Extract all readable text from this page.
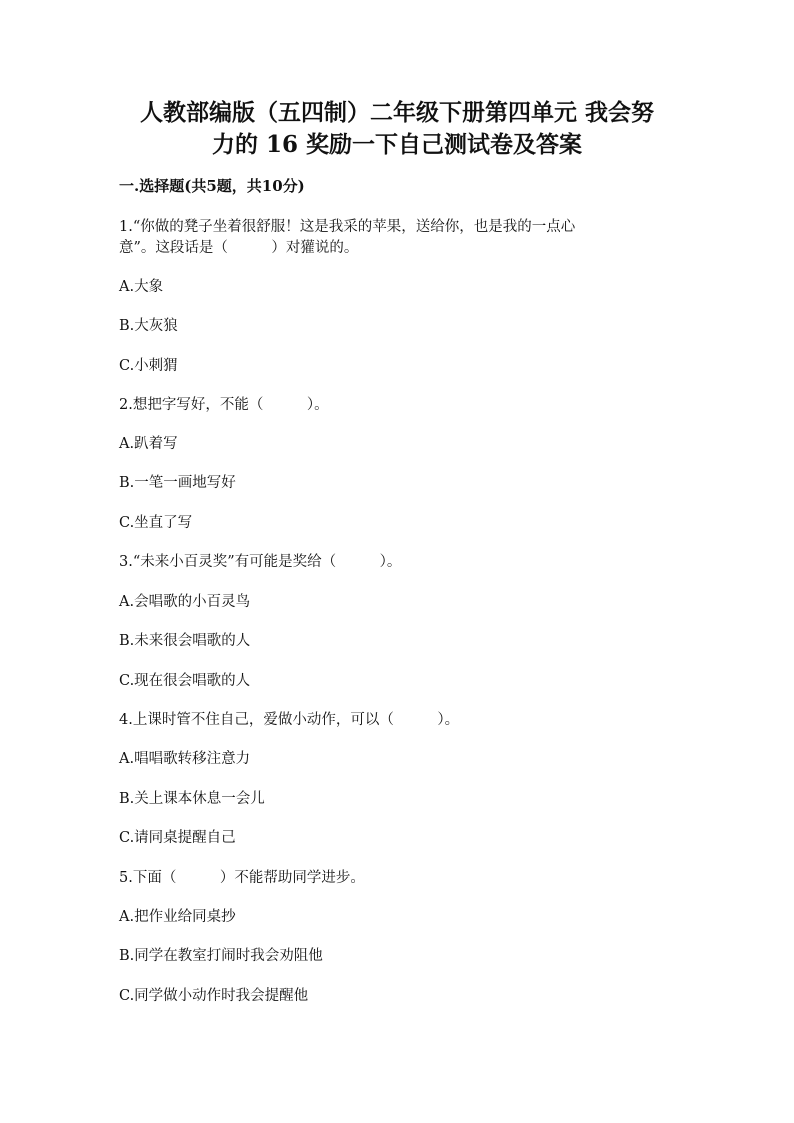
人教部编版（五四制）二年级下册第四单元 我会努
力的 16 奖励一下自己测试卷及答案
一.选择题(共5题，共10分)
1.“你做的凳子坐着很舒服！这是我采的苹果，送给你，也是我的一点心
意”。这段话是（　　　）对獾说的。
A.大象
B.大灰狼
C.小刺猬
2.想把字写好，不能（　　　）。
A.趴着写
B.一笔一画地写好
C.坐直了写
3.“未来小百灵奖”有可能是奖给（　　　）。
A.会唱歌的小百灵鸟
B.未来很会唱歌的人
C.现在很会唱歌的人
4.上课时管不住自己，爱做小动作，可以（　　　）。
A.唱唱歌转移注意力
B.关上课本休息一会儿
C.请同桌提醒自己
5.下面（　　　）不能帮助同学进步。
A.把作业给同桌抄
B.同学在教室打闹时我会劝阻他
C.同学做小动作时我会提醒他
